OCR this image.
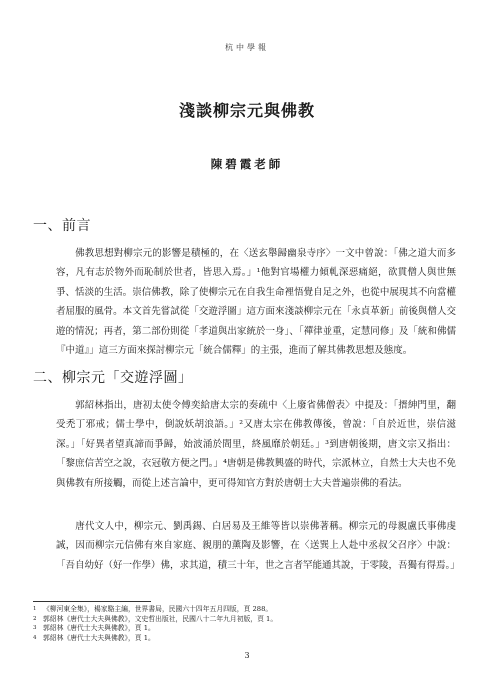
杭中學報
淺談柳宗元與佛教
陳碧霞老師
一、前言

佛教思想對柳宗元的影響是積極的，在〈送玄舉歸幽泉寺序〉一文中曾說：「佛之道大而多容，凡有志於物外而恥制於世者，皆思入焉。」¹他對官場權力傾軋深惡痛絕，欲貫僧人與世無爭、恬淡的生活。崇信佛教，除了使柳宗元在自我生命裡悟覺自足之外，也從中展現其不向當權者屈服的風骨。本文首先嘗試從「交遊浮圖」這方面來淺談柳宗元在「永貞革新」前後與僧人交遊的情況；再者，第二部份則從「孝道與出家統於一身」、「禪律並重，定慧同修」及「統和佛儒『中道』」這三方面來探討柳宗元「統合儒釋」的主張，進而了解其佛教思想及態度。

二、柳宗元「交遊浮圖」

郭紹林指出，唐初太使令傅奕給唐太宗的奏疏中〈上廢省佛僧表〉中提及：「搢紳門里，翻受禿丁邪戒；儒士學中，倒說妖胡浪語。」²又唐太宗在佛教傳後，曾說：「自於近世，崇信滋深。」「好異者望真諦而爭歸，始波涌於間里，終風靡於朝廷。」³到唐朝後期，唐文宗又指出：「黎庶信苦空之說，衣冠敬方便之門。」⁴唐朝是佛教興盛的時代，宗派林立，自然士大夫也不免與佛教有所接觸，而從上述言論中，更可得知官方對於唐朝士大夫普遍崇佛的看法。

唐代文人中，柳宗元、劉禹錫、白居易及王維等皆以崇佛著稱。柳宗元的母親盧氏事佛虔誠，因而柳宗元信佛有來自家庭、親朋的薰陶及影響，在〈送巽上人赴中丞叔父召序〉中說：「吾自幼好（好一作學）佛，求其道，積三十年，世之言者罕能通其說，于零陵，吾獨有得焉。」

1 《柳河東全集》，楊家駱主編，世界書局，民國六十四年五月四版，頁 288。
2 郭紹林《唐代士大夫與佛教》，文史哲出版社，民國八十二年九月初版，頁 1。
3 郭紹林《唐代士大夫與佛教》，頁 1。
4 郭紹林《唐代士大夫與佛教》，頁 1。
3
